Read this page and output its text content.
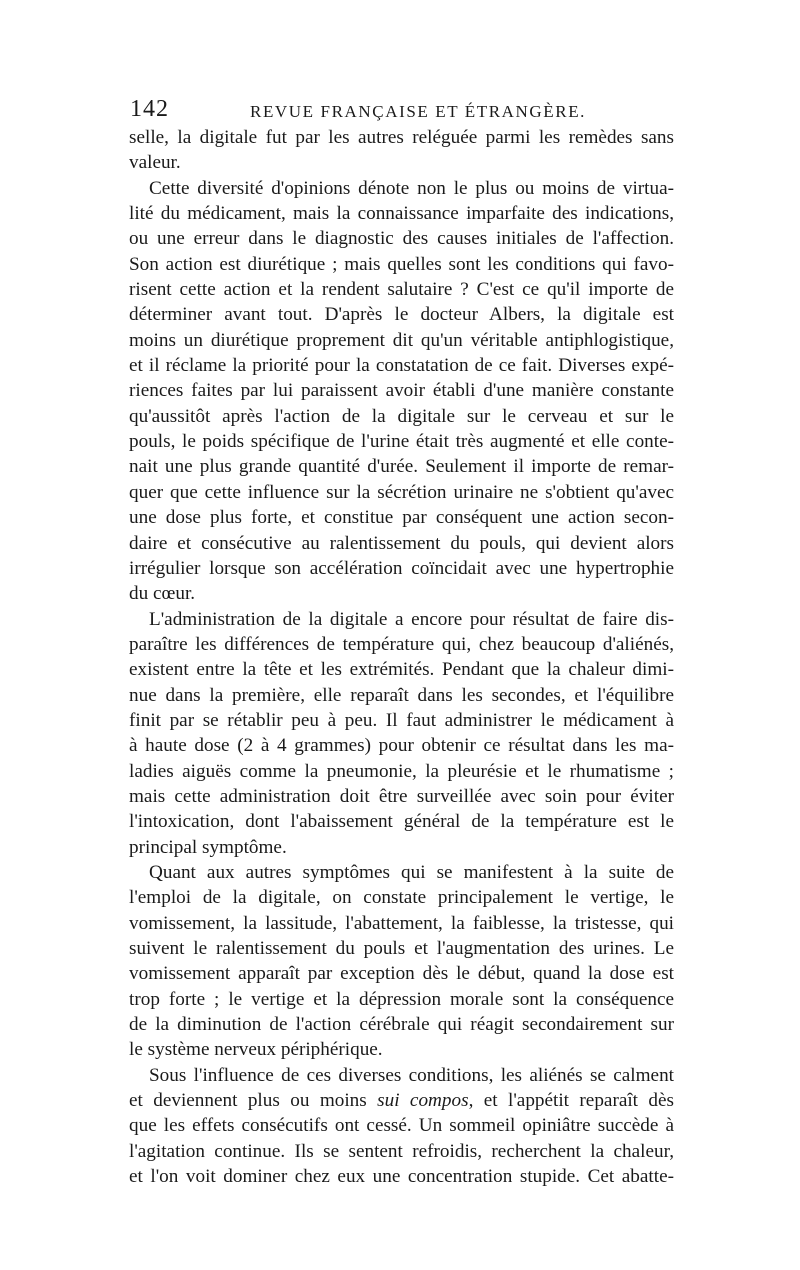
142	REVUE FRANÇAISE ET ÉTRANGÈRE.
selle, la digitale fut par les autres reléguée parmi les remèdes sans
valeur.
Cette diversité d'opinions dénote non le plus ou moins de virtua-
lité du médicament, mais la connaissance imparfaite des indications,
ou une erreur dans le diagnostic des causes initiales de l'affection.
Son action est diurétique ; mais quelles sont les conditions qui favo-
risent cette action et la rendent salutaire ? C'est ce qu'il importe de
déterminer avant tout. D'après le docteur Albers, la digitale est
moins un diurétique proprement dit qu'un véritable antiphlogistique,
et il réclame la priorité pour la constatation de ce fait. Diverses expé-
riences faites par lui paraissent avoir établi d'une manière constante
qu'aussitôt après l'action de la digitale sur le cerveau et sur le
pouls, le poids spécifique de l'urine était très augmenté et elle conte-
nait une plus grande quantité d'urée. Seulement il importe de remar-
quer que cette influence sur la sécrétion urinaire ne s'obtient qu'avec
une dose plus forte, et constitue par conséquent une action secon-
daire et consécutive au ralentissement du pouls, qui devient alors
irrégulier lorsque son accélération coïncidait avec une hypertrophie
du cœur.
L'administration de la digitale a encore pour résultat de faire dis-
paraître les différences de température qui, chez beaucoup d'aliénés,
existent entre la tête et les extrémités. Pendant que la chaleur dimi-
nue dans la première, elle reparaît dans les secondes, et l'équilibre
finit par se rétablir peu à peu. Il faut administrer le médicament à
à haute dose (2 à 4 grammes) pour obtenir ce résultat dans les ma-
ladies aiguës comme la pneumonie, la pleurésie et le rhumatisme ;
mais cette administration doit être surveillée avec soin pour éviter
l'intoxication, dont l'abaissement général de la température est le
principal symptôme.
Quant aux autres symptômes qui se manifestent à la suite de
l'emploi de la digitale, on constate principalement le vertige, le
vomissement, la lassitude, l'abattement, la faiblesse, la tristesse, qui
suivent le ralentissement du pouls et l'augmentation des urines. Le
vomissement apparaît par exception dès le début, quand la dose est
trop forte ; le vertige et la dépression morale sont la conséquence
de la diminution de l'action cérébrale qui réagit secondairement sur
le système nerveux périphérique.
Sous l'influence de ces diverses conditions, les aliénés se calment
et deviennent plus ou moins sui compos, et l'appétit reparaît dès
que les effets consécutifs ont cessé. Un sommeil opiniâtre succède à
l'agitation continue. Ils se sentent refroidis, recherchent la chaleur,
et l'on voit dominer chez eux une concentration stupide. Cet abatte-
